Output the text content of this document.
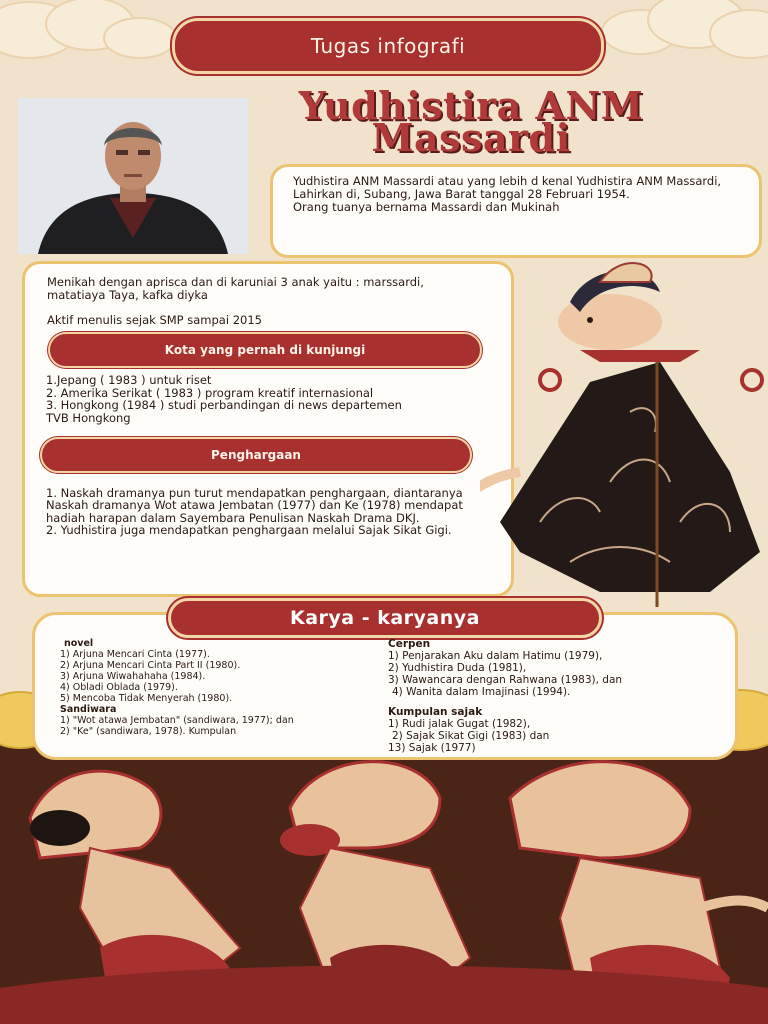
Tugas infografi
Yudhistira ANM
Massardi

Yudhistira ANM Massardi atau yang lebih d kenal Yudhistira ANM Massardi,

Lahirkan di, Subang, Jawa Barat tanggal 28 Februari 1954.

Orang tuanya bernama Massardi dan Mukinah

Menikah dengan aprisca dan di karuniai 3 anak yaitu : marssardi, matatiaya Taya, kafka diyka

Aktif menulis sejak SMP sampai 2015

Kota yang pernah di kunjungi
1.Jepang ( 1983 ) untuk riset
2. Amerika Serikat ( 1983 ) program kreatif internasional
3. Hongkong (1984 ) studi perbandingan di news departemen TVB Hongkong
Penghargaan
1. Naskah dramanya pun turut mendapatkan penghargaan, diantaranya Naskah dramanya Wot atawa Jembatan (1977) dan Ke (1978) mendapat hadiah harapan dalam Sayembara Penulisan Naskah Drama DKJ.
2. Yudhistira juga mendapatkan penghargaan melalui Sajak Sikat Gigi.
Karya - karyanya
novel
1) Arjuna Mencari Cinta (1977).
2) Arjuna Mencari Cinta Part II (1980).
3) Arjuna Wiwahahaha (1984).
4) Obladi Oblada (1979).
5) Mencoba Tidak Menyerah (1980).
Sandiwara
1) "Wot atawa Jembatan" (sandiwara, 1977); dan
2) "Ke" (sandiwara, 1978). Kumpulan
Cerpen
1) Penjarakan Aku dalam Hatimu (1979),
2) Yudhistira Duda (1981),
3) Wawancara dengan Rahwana (1983), dan
4) Wanita dalam Imajinasi (1994).
Kumpulan sajak
1) Rudi jalak Gugat (1982),
2) Sajak Sikat Gigi (1983) dan
13) Sajak (1977)
